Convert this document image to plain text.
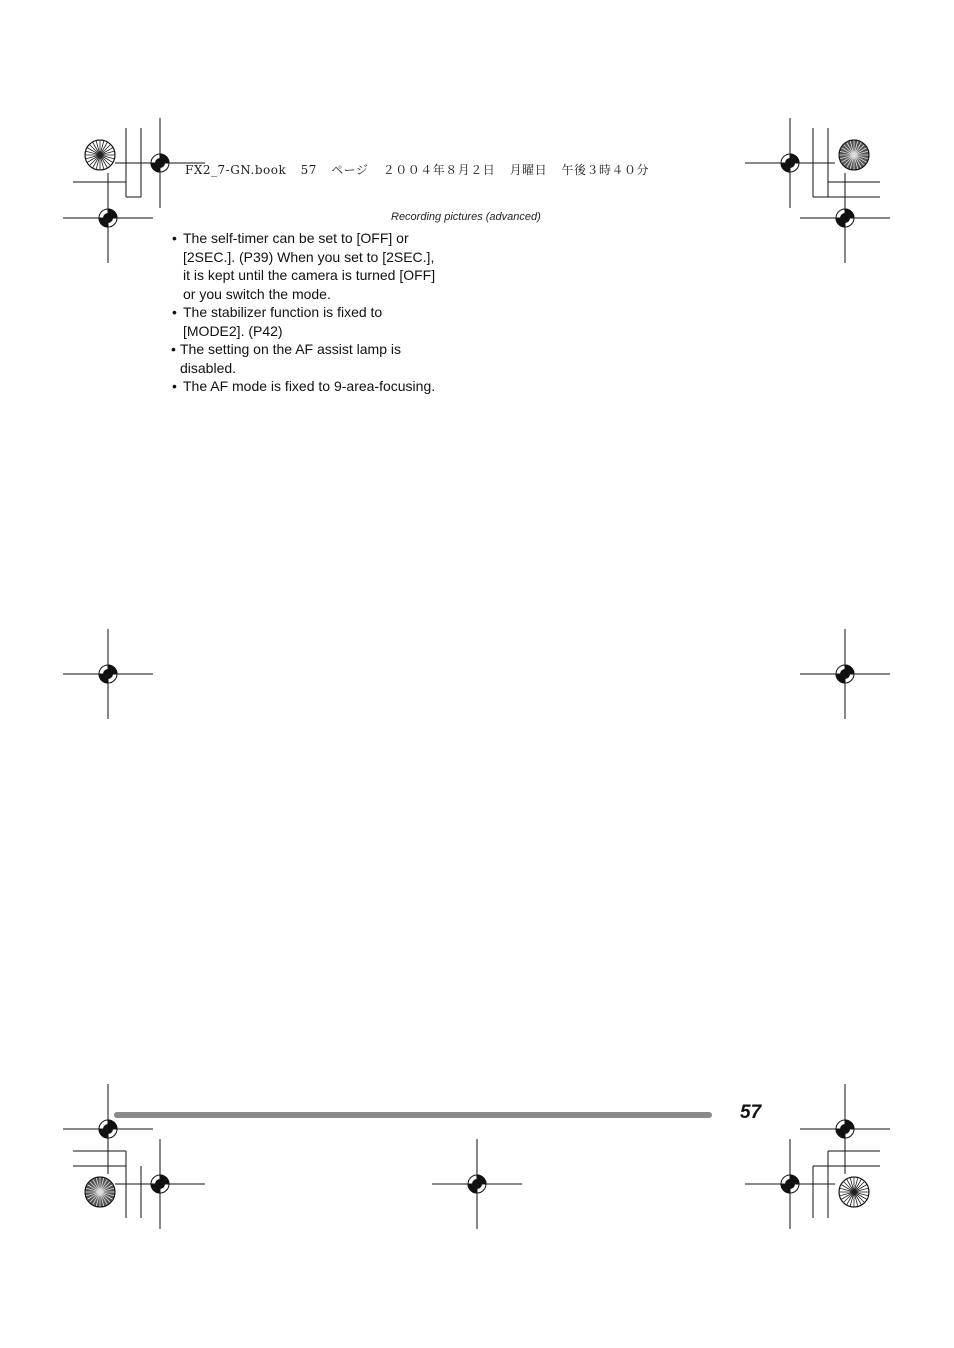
FX2_7-GN.book 57 ページ ２００４年８月２日 月曜日 午後３時４０分
Recording pictures (advanced)
• The self-timer can be set to [OFF] or
[2SEC.]. (P39) When you set to [2SEC.],
it is kept until the camera is turned [OFF]
or you switch the mode.
• The stabilizer function is fixed to
[MODE2]. (P42)
• The setting on the AF assist lamp is
disabled.
• The AF mode is fixed to 9-area-focusing.
57
